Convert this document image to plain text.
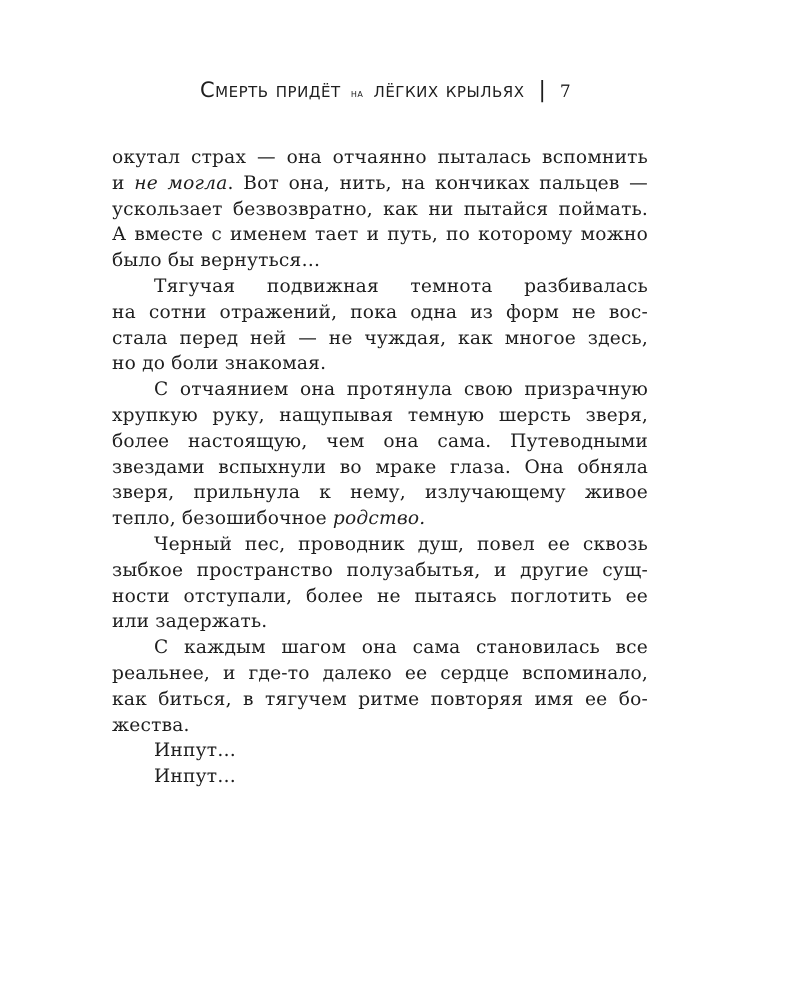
Смерть придёт на лёгких крыльях | 7
окутал страх — она отчаянно пыталась вспомнить
и не могла. Вот она, нить, на кончиках пальцев —
ускользает безвозвратно, как ни пытайся поймать.
А вместе с именем тает и путь, по которому можно
было бы вернуться…
Тягучая подвижная темнота разбивалась
на сотни отражений, пока одна из форм не вос-
стала перед ней — не чуждая, как многое здесь,
но до боли знакомая.
С отчаянием она протянула свою призрачную
хрупкую руку, нащупывая темную шерсть зверя,
более настоящую, чем она сама. Путеводными
звездами вспыхнули во мраке глаза. Она обняла
зверя, прильнула к нему, излучающему живое
тепло, безошибочное родство.
Черный пес, проводник душ, повел ее сквозь
зыбкое пространство полузабытья, и другие сущ-
ности отступали, более не пытаясь поглотить ее
или задержать.
С каждым шагом она сама становилась все
реальнее, и где-то далеко ее сердце вспоминало,
как биться, в тягучем ритме повторяя имя ее бо-
жества.
Инпут…
Инпут…
